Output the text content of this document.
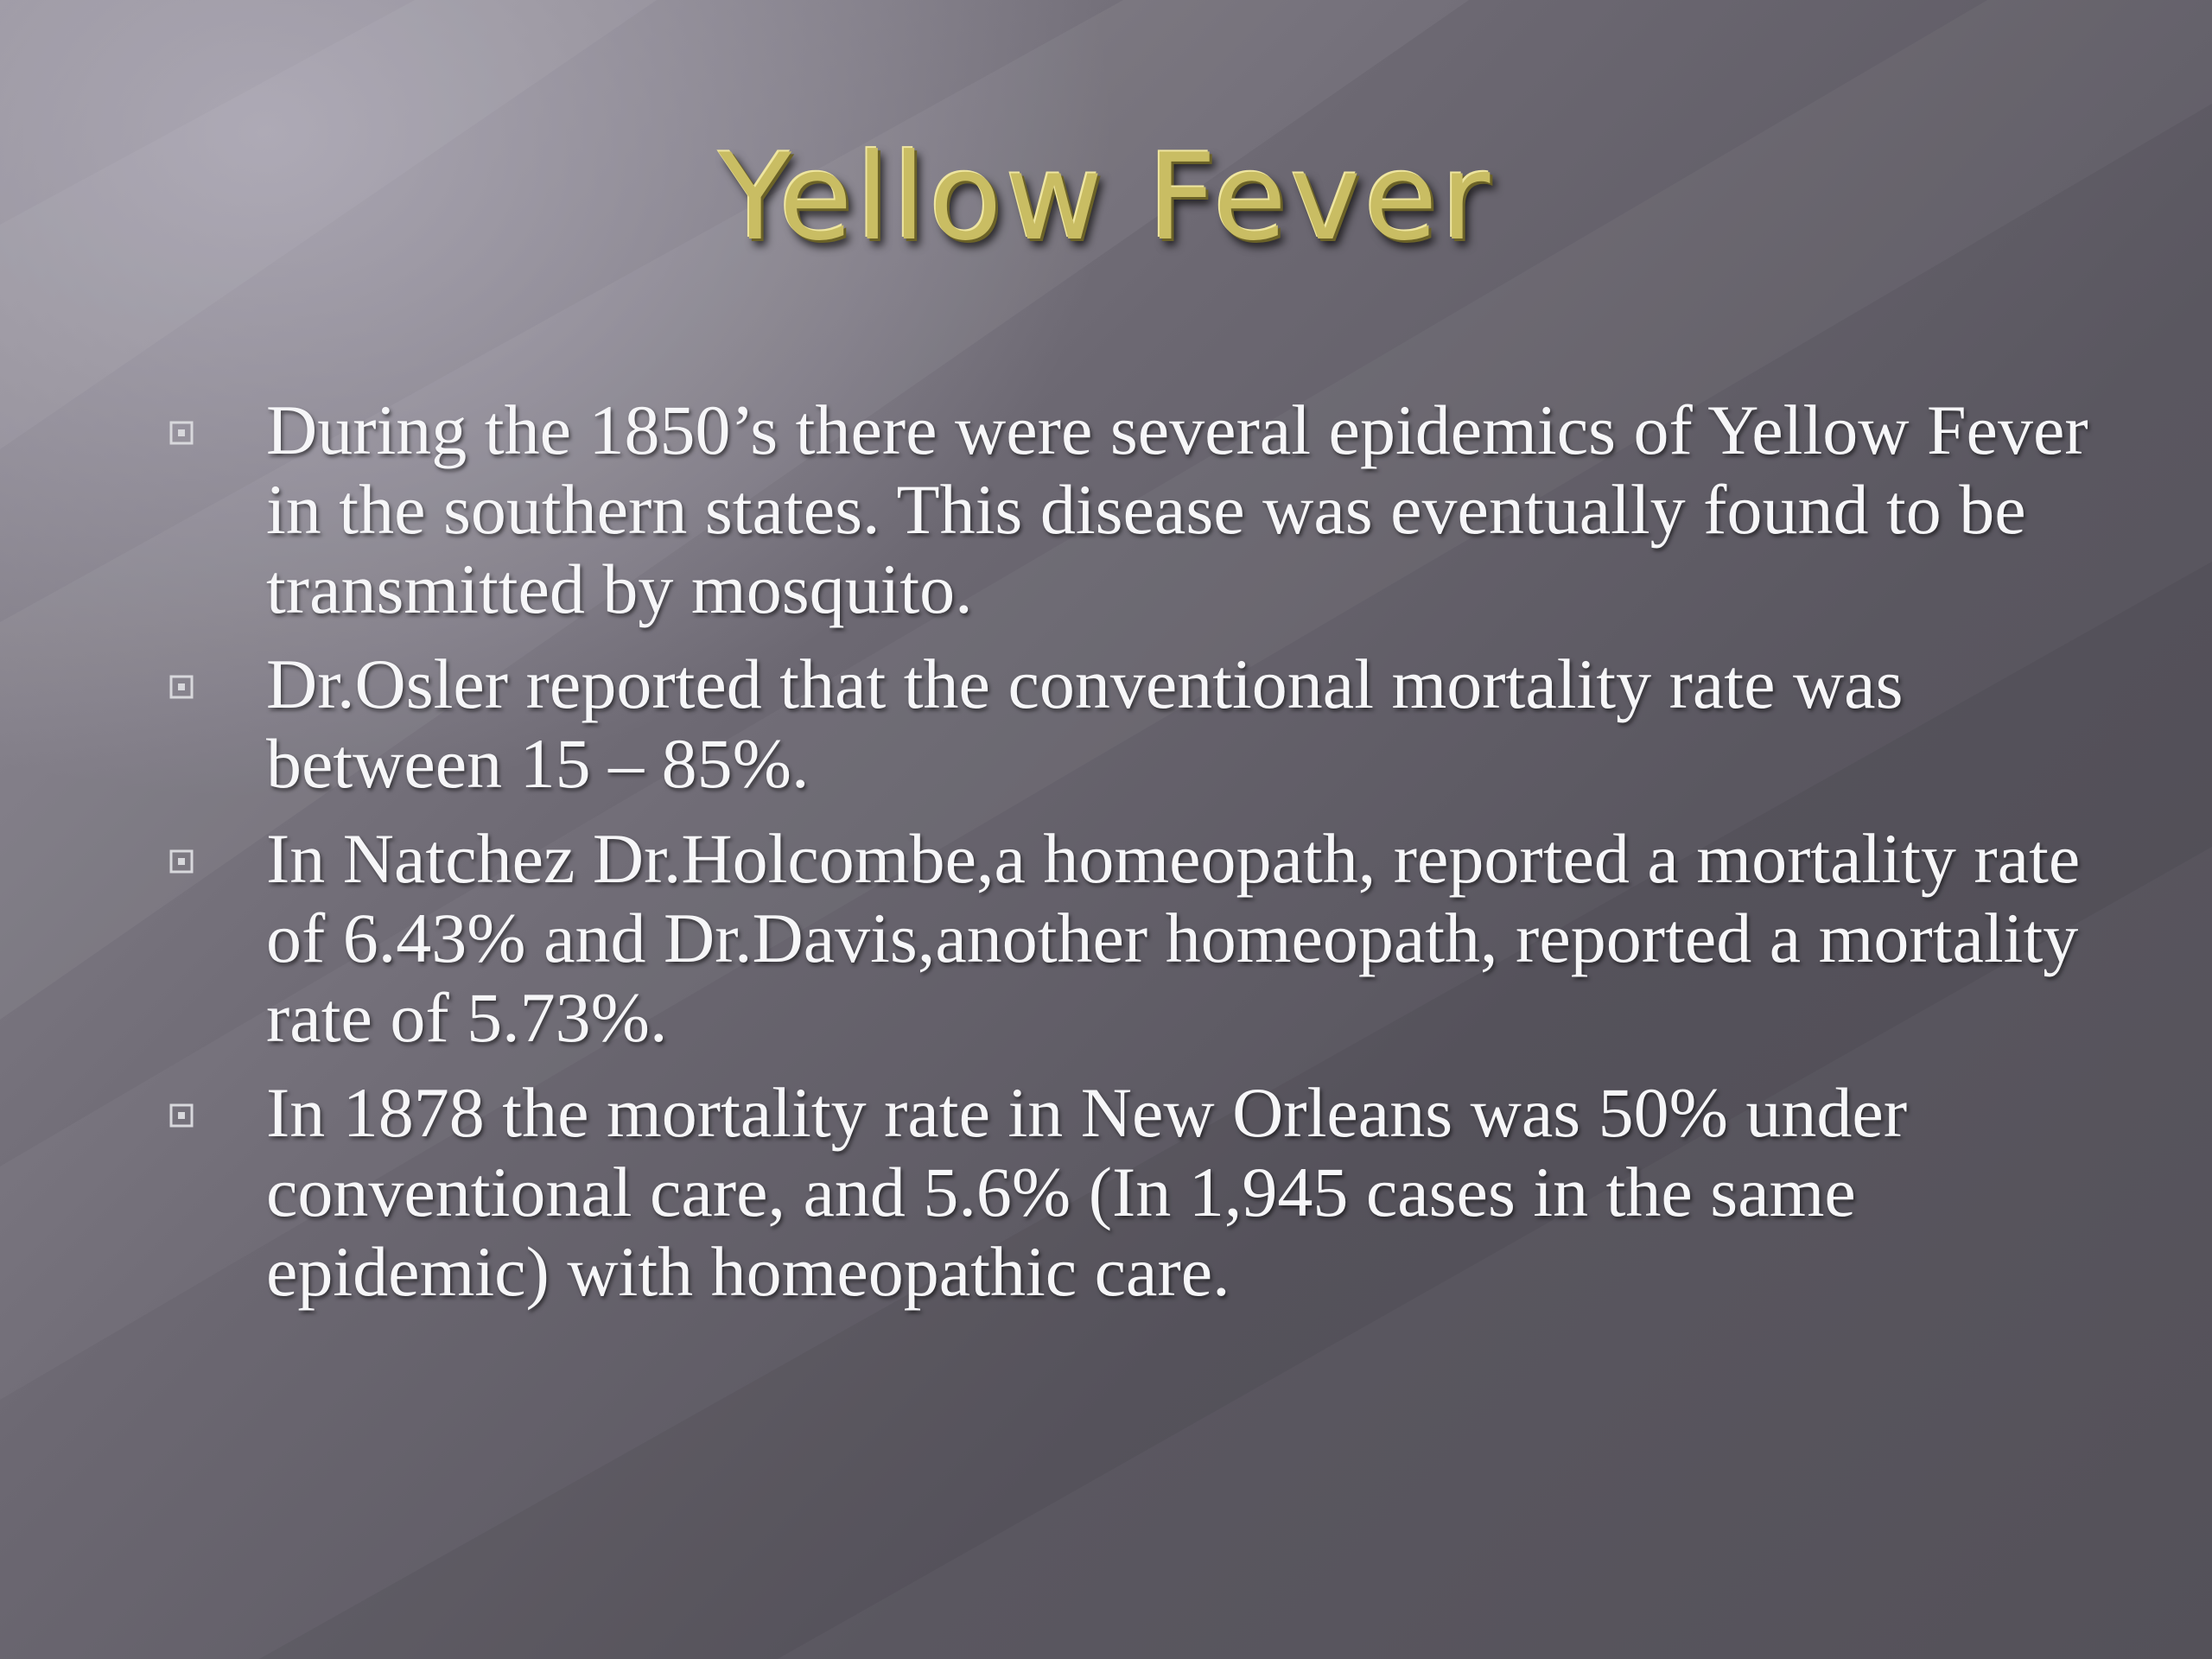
Yellow Fever
During the 1850’s there were several epidemics of Yellow Fever in the southern states. This disease was eventually found to be transmitted by mosquito.
Dr.Osler reported that the conventional mortality rate was between 15 – 85%.
In Natchez Dr.Holcombe,a homeopath, reported a mortality rate of 6.43% and Dr.Davis,another homeopath, reported a mortality rate of 5.73%.
In 1878 the mortality rate in New Orleans was 50% under conventional care, and 5.6% (In 1,945 cases in the same epidemic) with homeopathic care.
